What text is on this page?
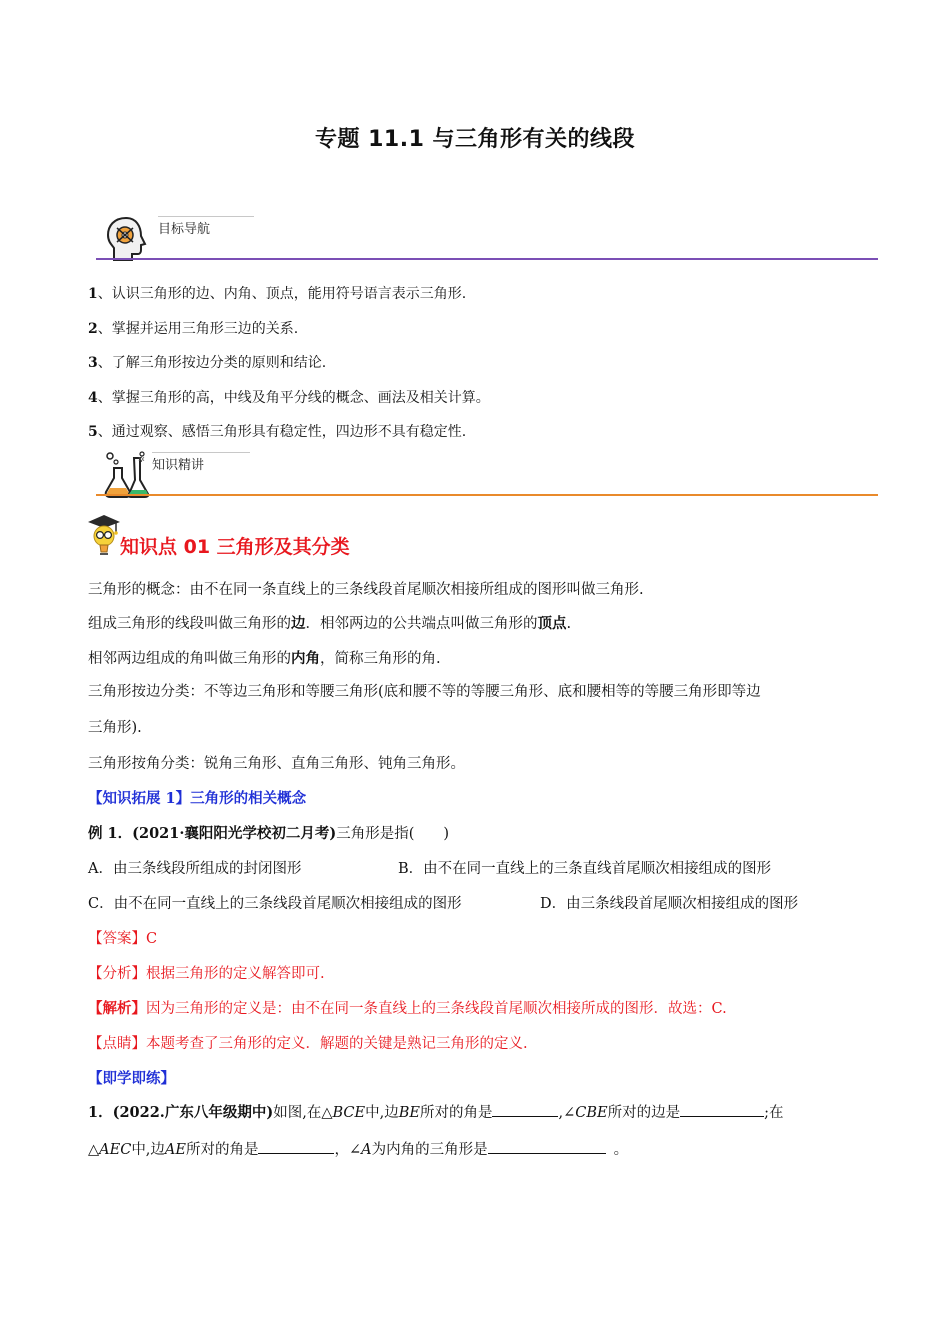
专题 11.1 与三角形有关的线段
目标导航
1、认识三角形的边、内角、顶点，能用符号语言表示三角形.
2、掌握并运用三角形三边的关系.
3、了解三角形按边分类的原则和结论.
4、掌握三角形的高，中线及角平分线的概念、画法及相关计算。
5、通过观察、感悟三角形具有稳定性，四边形不具有稳定性.
✲ 知识精讲
知识点 01 三角形及其分类
三角形的概念：由不在同一条直线上的三条线段首尾顺次相接所组成的图形叫做三角形.
组成三角形的线段叫做三角形的边．相邻两边的公共端点叫做三角形的顶点.
相邻两边组成的角叫做三角形的内角，简称三角形的角.
三角形按边分类：不等边三角形和等腰三角形(底和腰不等的等腰三角形、底和腰相等的等腰三角形即等边
三角形).
三角形按角分类：锐角三角形、直角三角形、钝角三角形。
【知识拓展 1】三角形的相关概念
例 1．(2021·襄阳阳光学校初二月考)三角形是指(　　)
A．由三条线段所组成的封闭图形	B．由不在同一直线上的三条直线首尾顺次相接组成的图形
C．由不在同一直线上的三条线段首尾顺次相接组成的图形	D．由三条线段首尾顺次相接组成的图形
【答案】C
【分析】根据三角形的定义解答即可.
【解析】因为三角形的定义是：由不在同一条直线上的三条线段首尾顺次相接所成的图形．故选：C.
【点睛】本题考查了三角形的定义．解题的关键是熟记三角形的定义.
【即学即练】
1．(2022.广东八年级期中)如图,在△BCE中,边BE所对的角是	,∠CBE所对的边是	;在
△AEC中,边AE所对的角是	，∠A为内角的三角形是	。
